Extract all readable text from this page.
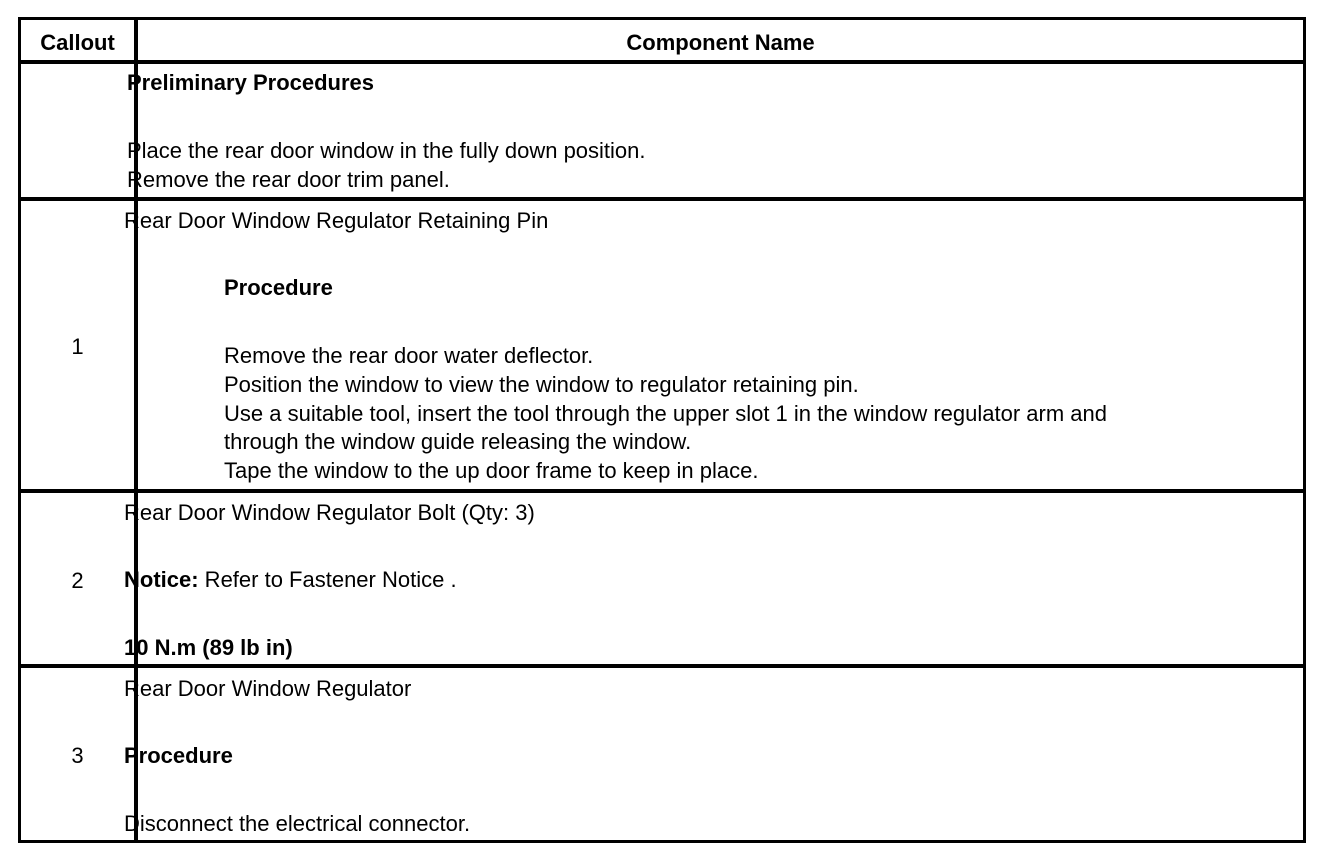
Callout	Component Name
Preliminary Procedures
Place the rear door window in the fully down position.
Remove the rear door trim panel.
1
Rear Door Window Regulator Retaining Pin
Procedure
Remove the rear door water deflector.
Position the window to view the window to regulator retaining pin.
Use a suitable tool, insert the tool through the upper slot 1 in the window regulator arm and
through the window guide releasing the window.
Tape the window to the up door frame to keep in place.
2
Rear Door Window Regulator Bolt (Qty: 3)
Notice: Refer to Fastener Notice .
10 N.m (89 lb in)
3
Rear Door Window Regulator
Procedure
Disconnect the electrical connector.
